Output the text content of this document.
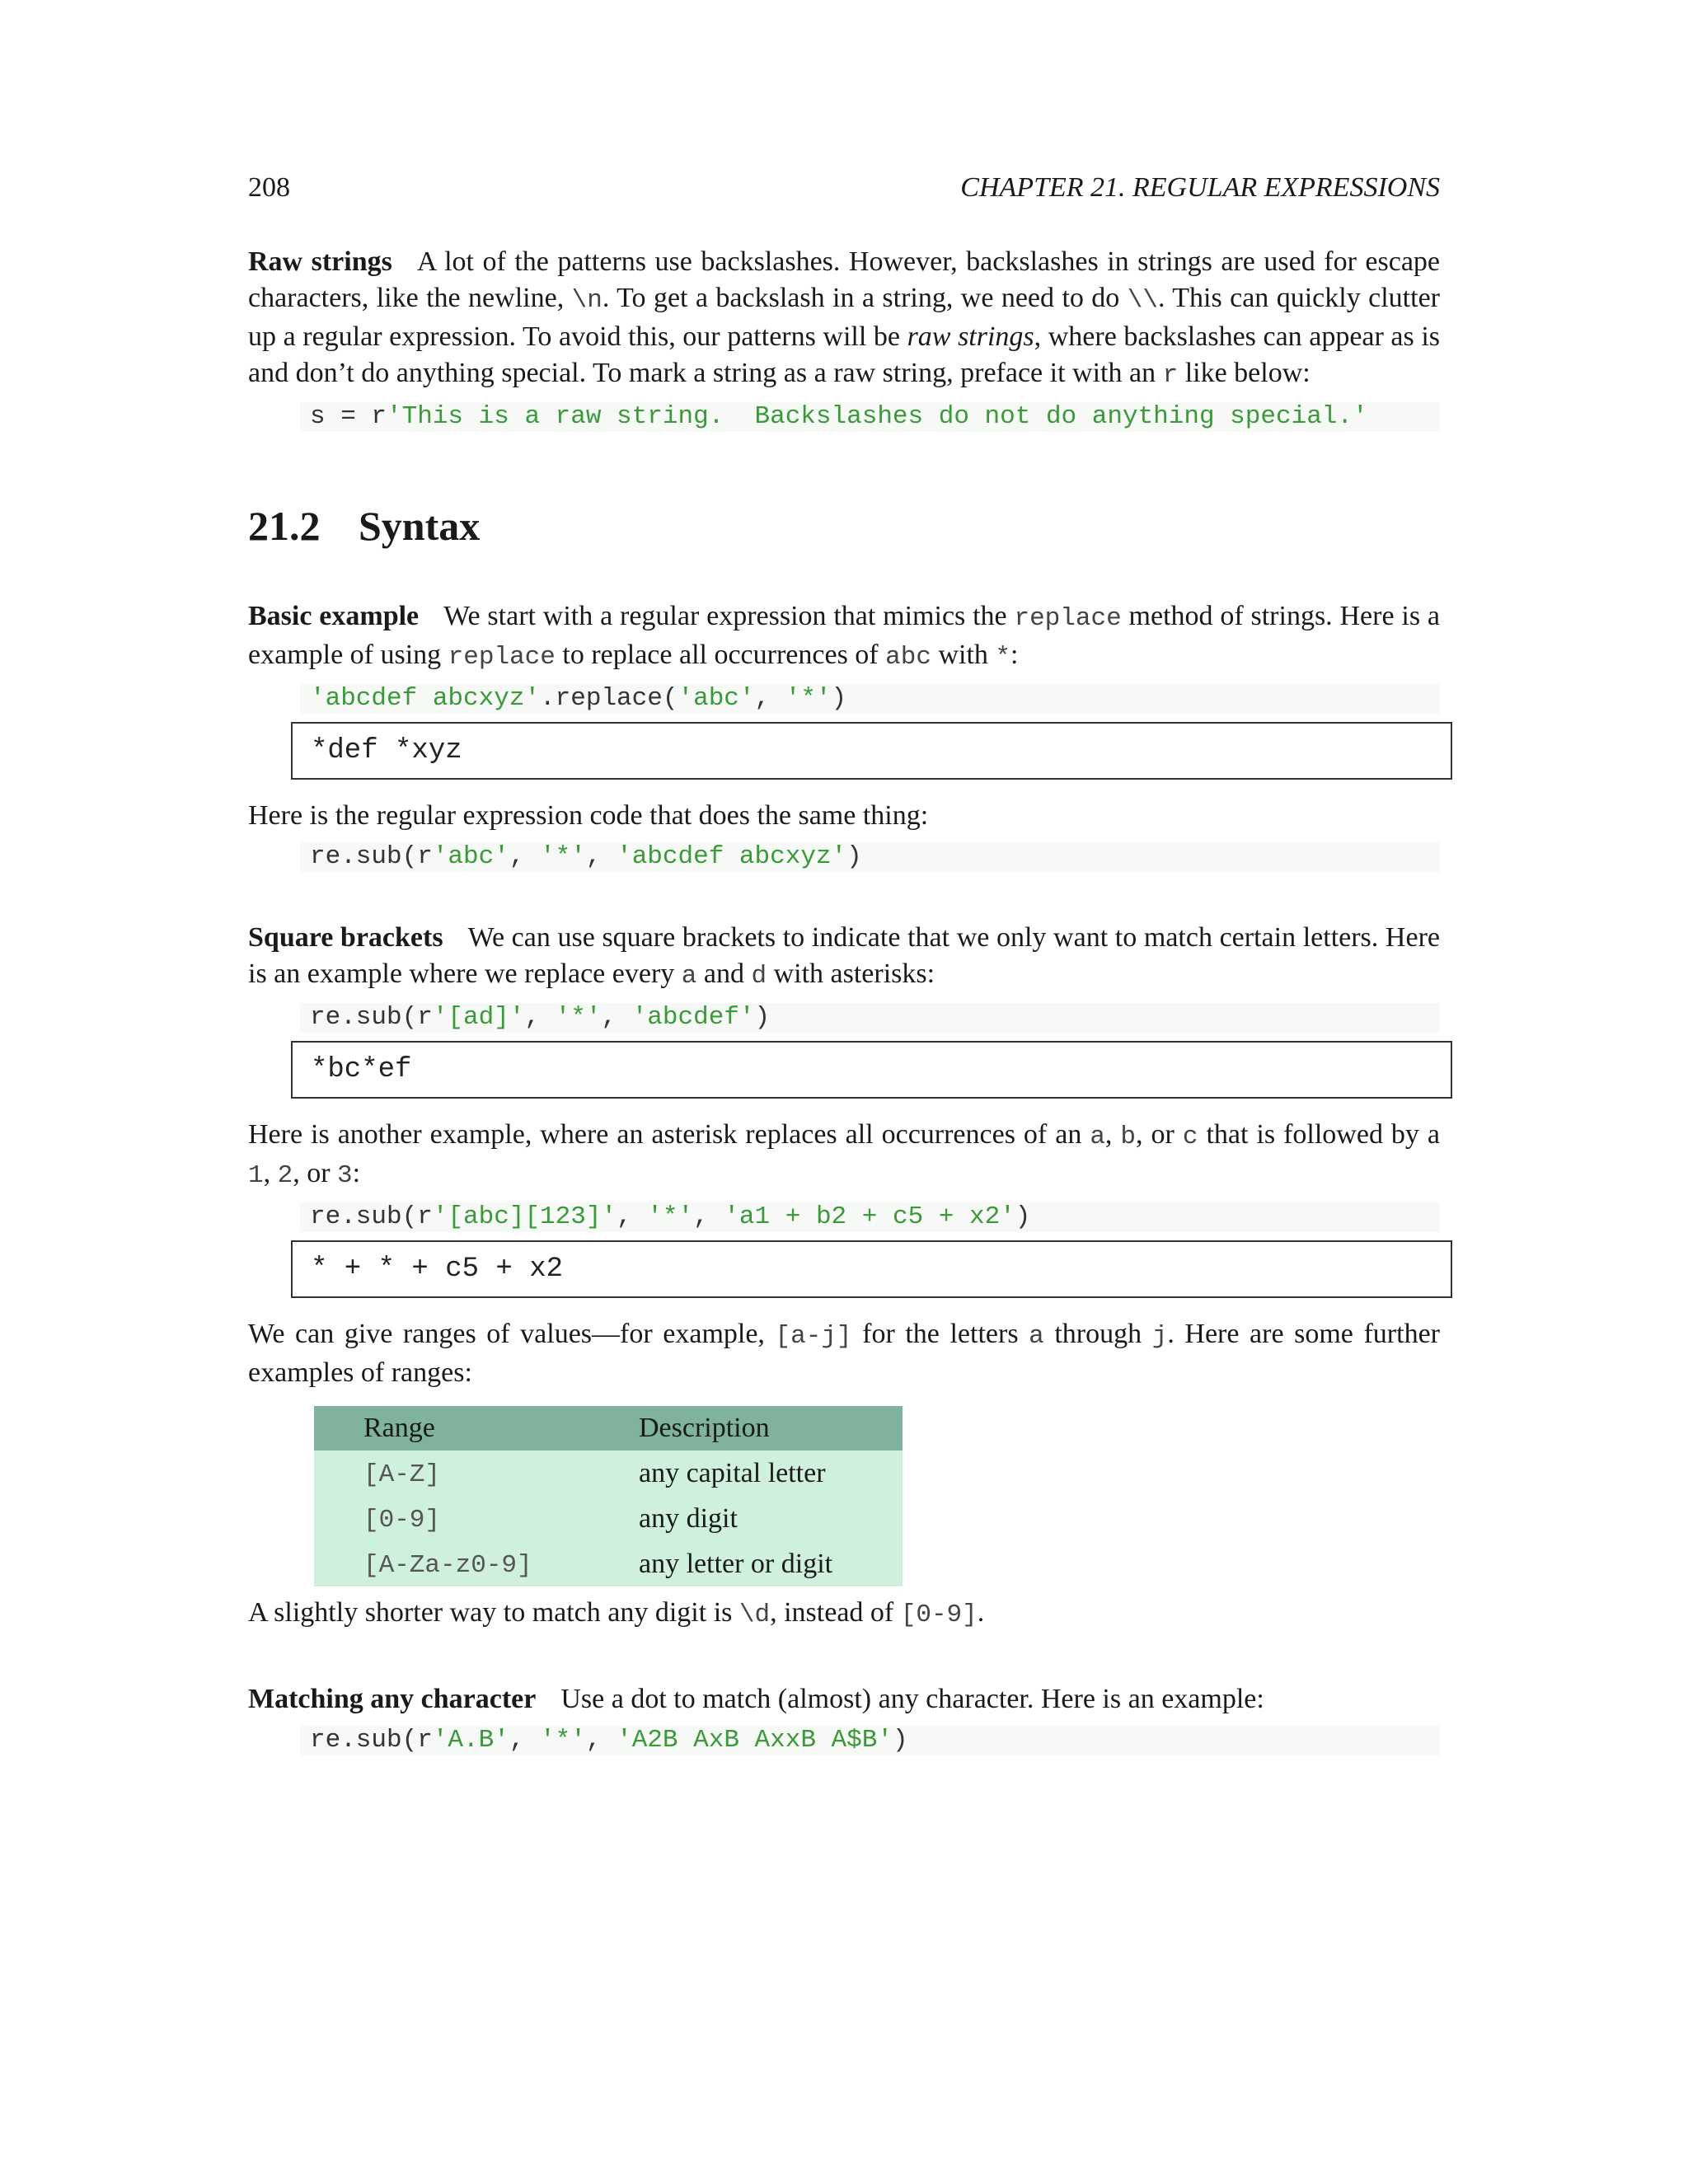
208	CHAPTER 21. REGULAR EXPRESSIONS

Raw strings A lot of the patterns use backslashes. However, backslashes in strings are used for escape characters, like the newline, \n. To get a backslash in a string, we need to do \\. This can quickly clutter up a regular expression. To avoid this, our patterns will be raw strings, where backslashes can appear as is and don’t do anything special. To mark a string as a raw string, preface it with an r like below:

s = r'This is a raw string.  Backslashes do not do anything special.'
21.2 Syntax

Basic example We start with a regular expression that mimics the replace method of strings. Here is a example of using replace to replace all occurrences of abc with *:

'abcdef abcxyz'.replace('abc', '*')
*def *xyz

Here is the regular expression code that does the same thing:

re.sub(r'abc', '*', 'abcdef abcxyz')

Square brackets We can use square brackets to indicate that we only want to match certain letters. Here is an example where we replace every a and d with asterisks:

re.sub(r'[ad]', '*', 'abcdef')
*bc*ef

Here is another example, where an asterisk replaces all occurrences of an a, b, or c that is followed by a 1, 2, or 3:

re.sub(r'[abc][123]', '*', 'a1 + b2 + c5 + x2')
* + * + c5 + x2

We can give ranges of values—for example, [a-j] for the letters a through j. Here are some further examples of ranges:

Range	Description
[A-Z]	any capital letter
[0-9]	any digit
[A-Za-z0-9]	any letter or digit

A slightly shorter way to match any digit is \d, instead of [0-9].

Matching any character Use a dot to match (almost) any character. Here is an example:

re.sub(r'A.B', '*', 'A2B AxB AxxB A$B')
